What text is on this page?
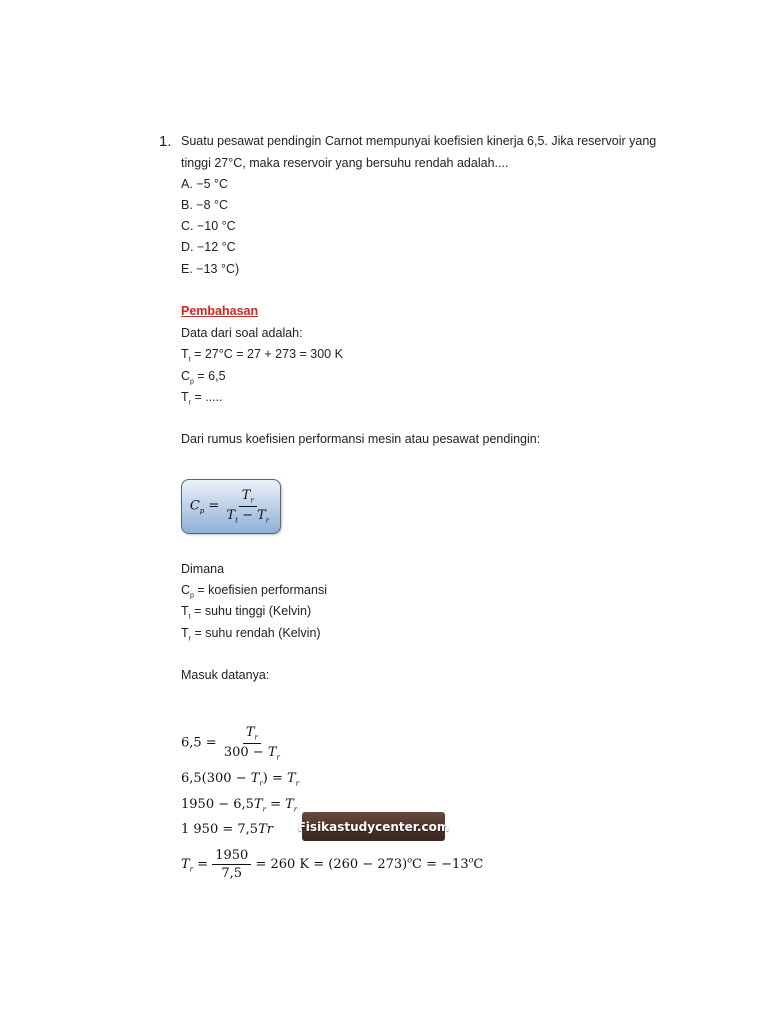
1. Suatu pesawat pendingin Carnot mempunyai koefisien kinerja 6,5. Jika reservoir yang
tinggi 27°C, maka reservoir yang bersuhu rendah adalah....
A. −5 °C
B. −8 °C
C. −10 °C
D. −12 °C
E. −13 °C)
Pembahasan
Data dari soal adalah:
$T_t = 27^\circ C = 27 + 273 = 300$ K
$C_p = 6,5$
$T_r$ = .....
Dari rumus koefisien performansi mesin atau pesawat pendingin:
$C_p = \frac{T_r}{T_t - T_r}$
Dimana
$C_p$ = koefisien performansi
$T_t$ = suhu tinggi (Kelvin)
$T_r$ = suhu rendah (Kelvin)
Masuk datanya:
$6,5 = \frac{T_r}{300 - T_r}$
$6,5(300 - T_r) = T_r$
$1950 - 6,5T_r = T_r$
1 950 = 7,5Tr Fisikastudycenter.com
$T_r = \frac{1950}{7,5} = 260$ $K = (260 - 273)^oC = -13^oC$
